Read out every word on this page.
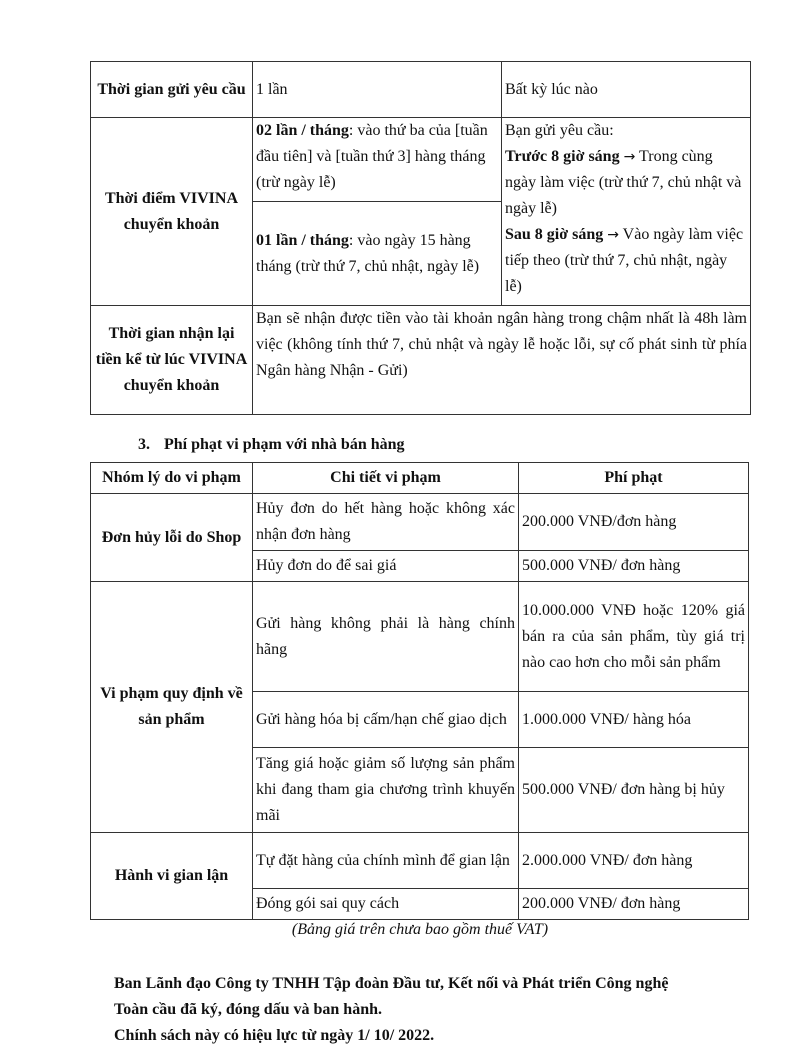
Thời gian gửi yêu cầu	1 lần	Bất kỳ lúc nào
Thời điểm VIVINA chuyển khoản	02 lần / tháng: vào thứ ba của [tuần đầu tiên] và [tuần thứ 3] hàng tháng (trừ ngày lễ)	Bạn gửi yêu cầu:
Trước 8 giờ sáng → Trong cùng ngày làm việc (trừ thứ 7, chủ nhật và ngày lễ)
Sau 8 giờ sáng → Vào ngày làm việc tiếp theo (trừ thứ 7, chủ nhật, ngày lễ)

	01 lần / tháng: vào ngày 15 hàng tháng (trừ thứ 7, chủ nhật, ngày lễ)	
Thời gian nhận lại tiền kể từ lúc VIVINA chuyển khoản	Bạn sẽ nhận được tiền vào tài khoản ngân hàng trong chậm nhất là 48h làm việc (không tính thứ 7, chủ nhật và ngày lễ hoặc lỗi, sự cố phát sinh từ phía Ngân hàng Nhận - Gửi)	
3. Phí phạt vi phạm với nhà bán hàng
Nhóm lý do vi phạm	Chi tiết vi phạm	Phí phạt
Đơn hủy lỗi do Shop	Hủy đơn do hết hàng hoặc không xác nhận đơn hàng	200.000 VNĐ/đơn hàng
	Hủy đơn do để sai giá	500.000 VNĐ/ đơn hàng
Vi phạm quy định về sản phẩm	Gửi hàng không phải là hàng chính hãng	10.000.000 VNĐ hoặc 120% giá bán ra của sản phẩm, tùy giá trị nào cao hơn cho mỗi sản phẩm
	Gửi hàng hóa bị cấm/hạn chế giao dịch	1.000.000 VNĐ/ hàng hóa
	Tăng giá hoặc giảm số lượng sản phẩm khi đang tham gia chương trình khuyến mãi	500.000 VNĐ/ đơn hàng bị hủy
Hành vi gian lận	Tự đặt hàng của chính mình để gian lận	2.000.000 VNĐ/ đơn hàng
	Đóng gói sai quy cách	200.000 VNĐ/ đơn hàng
(Bảng giá trên chưa bao gồm thuế VAT)

Ban Lãnh đạo Công ty TNHH Tập đoàn Đầu tư, Kết nối và Phát triển Công nghệ

Toàn cầu đã ký, đóng dấu và ban hành.

Chính sách này có hiệu lực từ ngày 1/ 10/ 2022.
